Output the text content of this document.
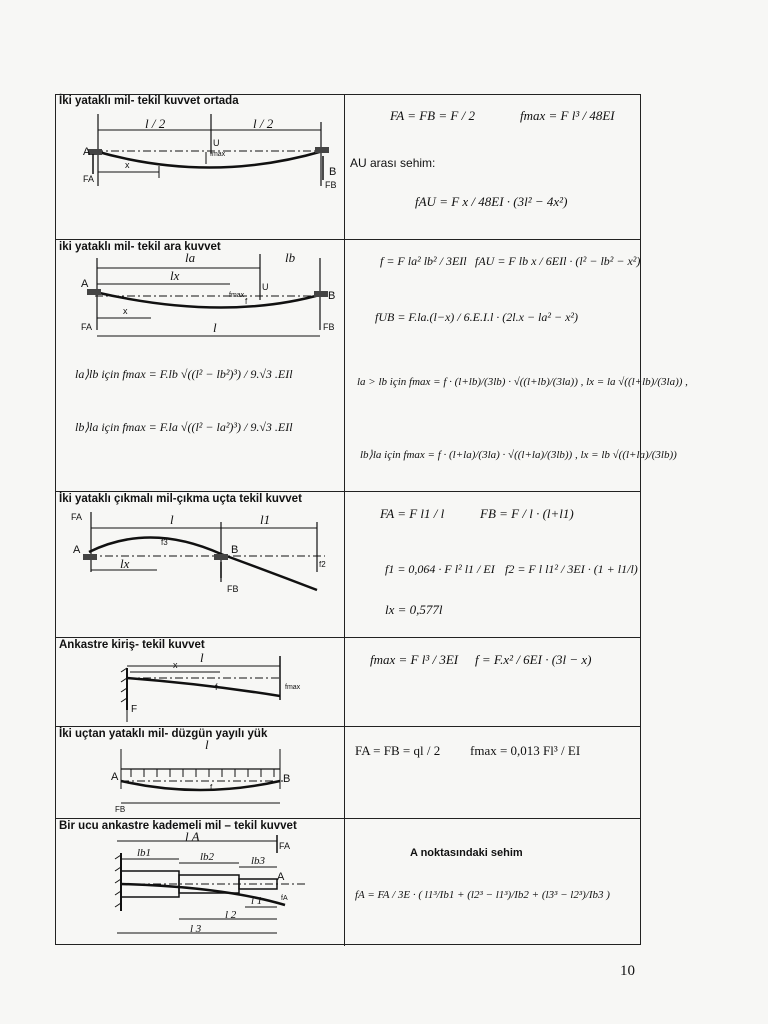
İki yataklı mil- tekil kuvvet ortada
l / 2	l / 2
A
FA
x
U
fmax
B
FB
FA = FB = F / 2	fmax = F l³ / 48EI
AU arası sehim:
fAU = F x / 48EI · (3l² − 4x²)
iki yataklı mil- tekil ara kuvvet
la	lb
lx
A
FA
x
fmax
f
U
B
FB
l
la⟩lb için fmax = F.lb √((l² − lb²)³) / 9.√3 .EIl
lb⟩la için fmax = F.la √((l² − la²)³) / 9.√3 .EIl
f = F la² lb² / 3EIl fAU = F lb x / 6EIl · (l² − lb² − x²)
fUB = F.la.(l−x) / 6.E.I.l · (2l.x − la² − x²)
la > lb için fmax = f · (l+lb)/(3lb) · √((l+lb)/(3la)) , lx = la √((l+lb)/(3la)) ,
lb⟩la için fmax = f · (l+la)/(3la) · √((l+la)/(3lb)) , lx = lb √((l+la)/(3lb))
İki yataklı çıkmalı mil-çıkma uçta tekil kuvvet
FA	l	l1
A
f3
B
lx	f2
FB
FA = F l1 / l	FB = F / l · (l+l1)
f1 = 0,064 · F l² l1 / EI f2 = F l l1² / 3EI · (1 + l1/l)
lx = 0,577l
Ankastre kiriş- tekil kuvvet
l
x
f	fmax
F
fmax = F l³ / 3EI f = F.x² / 6EI · (3l − x)
İki uçtan yataklı mil- düzgün yayılı yük
l
A	B
f
FB
FA = FB = ql / 2 fmax = 0,013 Fl³ / EI
Bir ucu ankastre kademeli mil – tekil kuvvet
l A
FA
lb1	lb2	lb3
A
l 1	fA
l 2
l 3
A noktasındaki sehim
fA = FA / 3E · ( l1³/Ib1 + (l2³ − l1³)/Ib2 + (l3³ − l2³)/Ib3 )
10
